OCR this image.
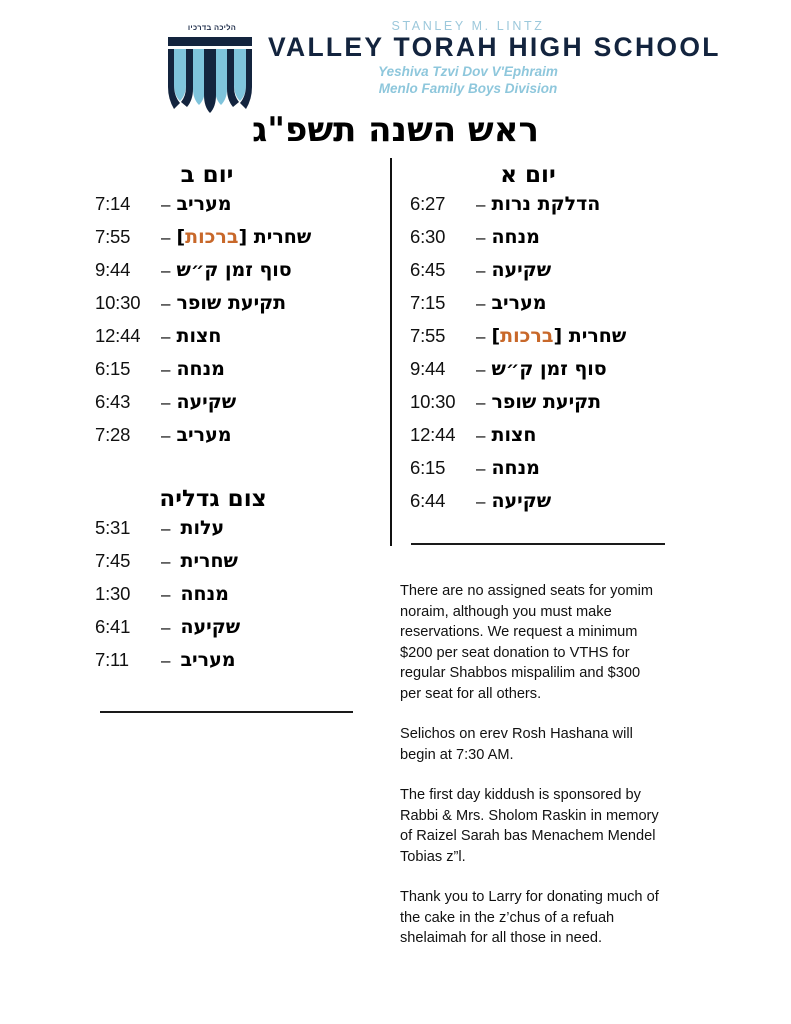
הליכה בדרכיו	STANLEY M. LINTZ
VALLEY TORAH HIGH SCHOOL
Yeshiva Tzvi Dov V'Ephraim
Menlo Family Boys Division
ראש השנה תשפ"ג
יום א
הדלקת נרות
–
6:27
מנחה
–
6:30
שקיעה
–
6:45
מעריב
–
7:15
שחרית [ברכות]
–
7:55
סוף זמן ק״ש
–
9:44
תקיעת שופר
–
10:30
חצות
–
12:44
מנחה
–
6:15
שקיעה
–
6:44
יום ב
מעריב
–
7:14
שחרית [ברכות]
–
7:55
סוף זמן ק״ש
–
9:44
תקיעת שופר
–
10:30
חצות
–
12:44
מנחה
–
6:15
שקיעה
–
6:43
מעריב
–
7:28
צום גדליה
עלות
–
5:31
שחרית
–
7:45
מנחה
–
1:30
שקיעה
–
6:41
מעריב
–
7:11

There are no assigned seats for yomim noraim, although you must make reservations. We request a minimum $200 per seat donation to VTHS for regular Shabbos mispalilim and $300 per seat for all others.

Selichos on erev Rosh Hashana will begin at 7:30 AM.

The first day kiddush is sponsored by Rabbi & Mrs. Sholom Raskin in memory of Raizel Sarah bas Menachem Mendel Tobias z”l.

Thank you to Larry for donating much of the cake in the z’chus of a refuah shelaimah for all those in need.
